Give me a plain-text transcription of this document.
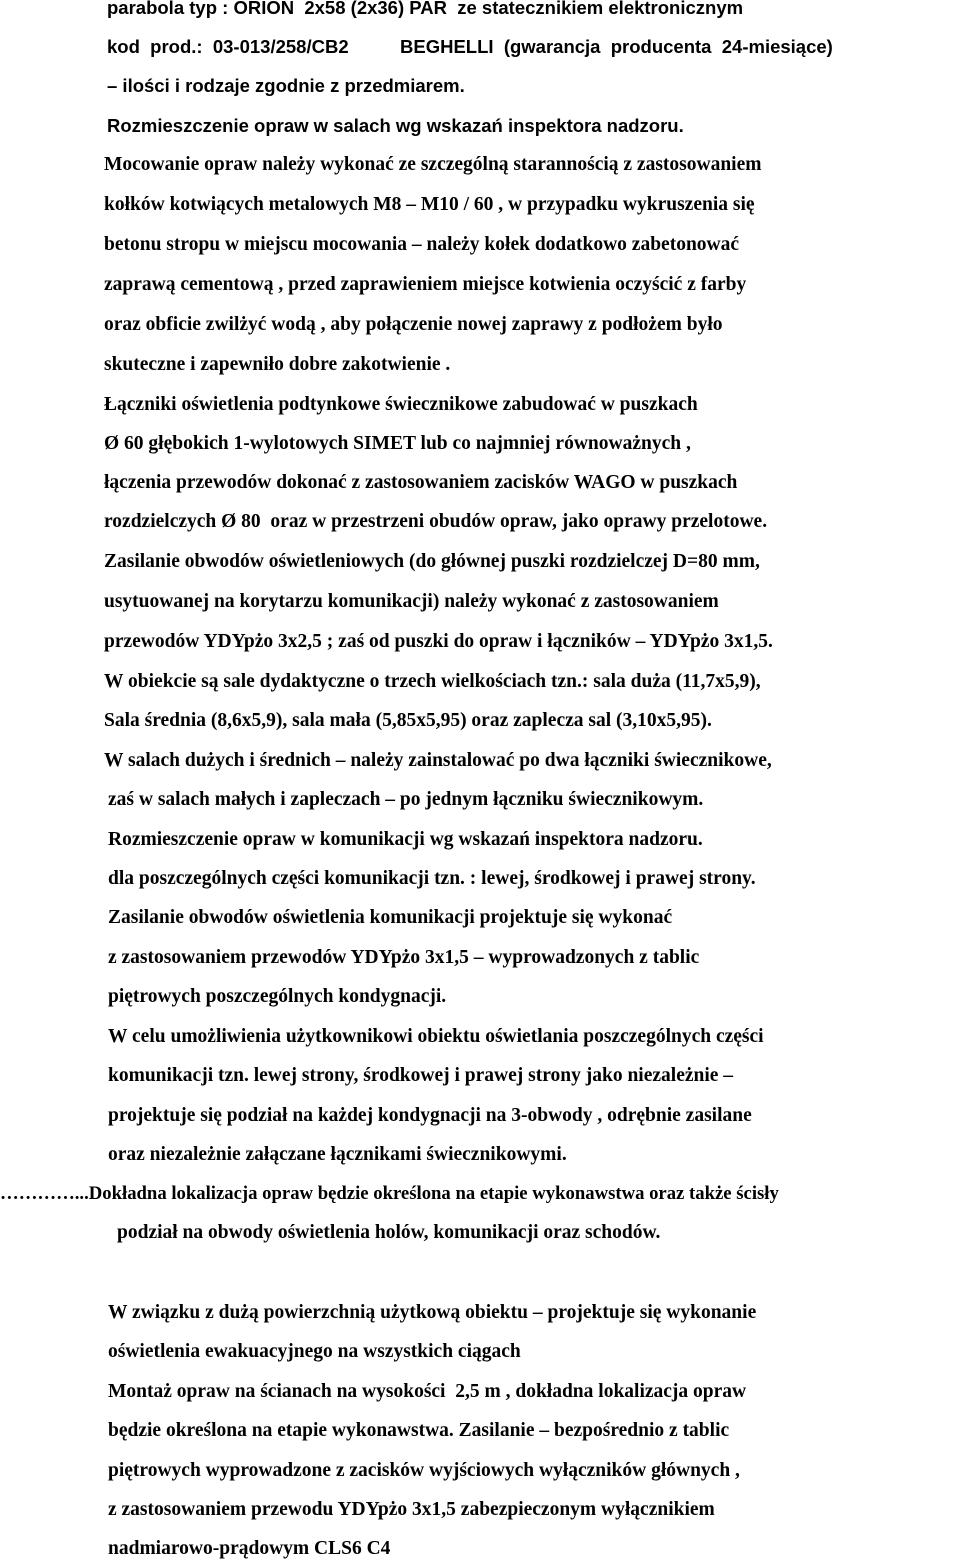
parabola typ : ORION  2x58 (2x36) PAR  ze statecznikiem elektronicznym
kod  prod.:  03-013/258/CB2          BEGHELLI  (gwarancja  producenta  24-miesiące)
– ilości i rodzaje zgodnie z przedmiarem.
Rozmieszczenie opraw w salach wg wskazań inspektora nadzoru.
Mocowanie opraw należy wykonać ze szczególną starannością z zastosowaniem
kołków kotwiących metalowych M8 – M10 / 60 , w przypadku wykruszenia się
betonu stropu w miejscu mocowania – należy kołek dodatkowo zabetonować
zaprawą cementową , przed zaprawieniem miejsce kotwienia oczyścić z farby
oraz obficie zwilżyć wodą , aby połączenie nowej zaprawy z podłożem było
skuteczne i zapewniło dobre zakotwienie .
Łączniki oświetlenia podtynkowe świecznikowe zabudować w puszkach
Ø 60 głębokich 1-wylotowych SIMET lub co najmniej równoważnych ,
łączenia przewodów dokonać z zastosowaniem zacisków WAGO w puszkach
rozdzielczych Ø 80  oraz w przestrzeni obudów opraw, jako oprawy przelotowe.
Zasilanie obwodów oświetleniowych (do głównej puszki rozdzielczej D=80 mm,
usytuowanej na korytarzu komunikacji) należy wykonać z zastosowaniem
przewodów YDYpżo 3x2,5 ; zaś od puszki do opraw i łączników – YDYpżo 3x1,5.
W obiekcie są sale dydaktyczne o trzech wielkościach tzn.: sala duża (11,7x5,9),
Sala średnia (8,6x5,9), sala mała (5,85x5,95) oraz zaplecza sal (3,10x5,95).
W salach dużych i średnich – należy zainstalować po dwa łączniki świecznikowe,
zaś w salach małych i zapleczach – po jednym łączniku świecznikowym.
Rozmieszczenie opraw w komunikacji wg wskazań inspektora nadzoru.
dla poszczególnych części komunikacji tzn. : lewej, środkowej i prawej strony.
Zasilanie obwodów oświetlenia komunikacji projektuje się wykonać
z zastosowaniem przewodów YDYpżo 3x1,5 – wyprowadzonych z tablic
piętrowych poszczególnych kondygnacji.
W celu umożliwienia użytkownikowi obiektu oświetlania poszczególnych części
komunikacji tzn. lewej strony, środkowej i prawej strony jako niezależnie –
projektuje się podział na każdej kondygnacji na 3-obwody , odrębnie zasilane
oraz niezależnie załączane łącznikami świecznikowymi.
…………...Dokładna lokalizacja opraw będzie określona na etapie wykonawstwa oraz także ścisły
podział na obwody oświetlenia holów, komunikacji oraz schodów.
W związku z dużą powierzchnią użytkową obiektu – projektuje się wykonanie
oświetlenia ewakuacyjnego na wszystkich ciągach
Montaż opraw na ścianach na wysokości  2,5 m , dokładna lokalizacja opraw
będzie określona na etapie wykonawstwa. Zasilanie – bezpośrednio z tablic
piętrowych wyprowadzone z zacisków wyjściowych wyłączników głównych ,
z zastosowaniem przewodu YDYpżo 3x1,5 zabezpieczonym wyłącznikiem
nadmiarowo-prądowym CLS6 C4
